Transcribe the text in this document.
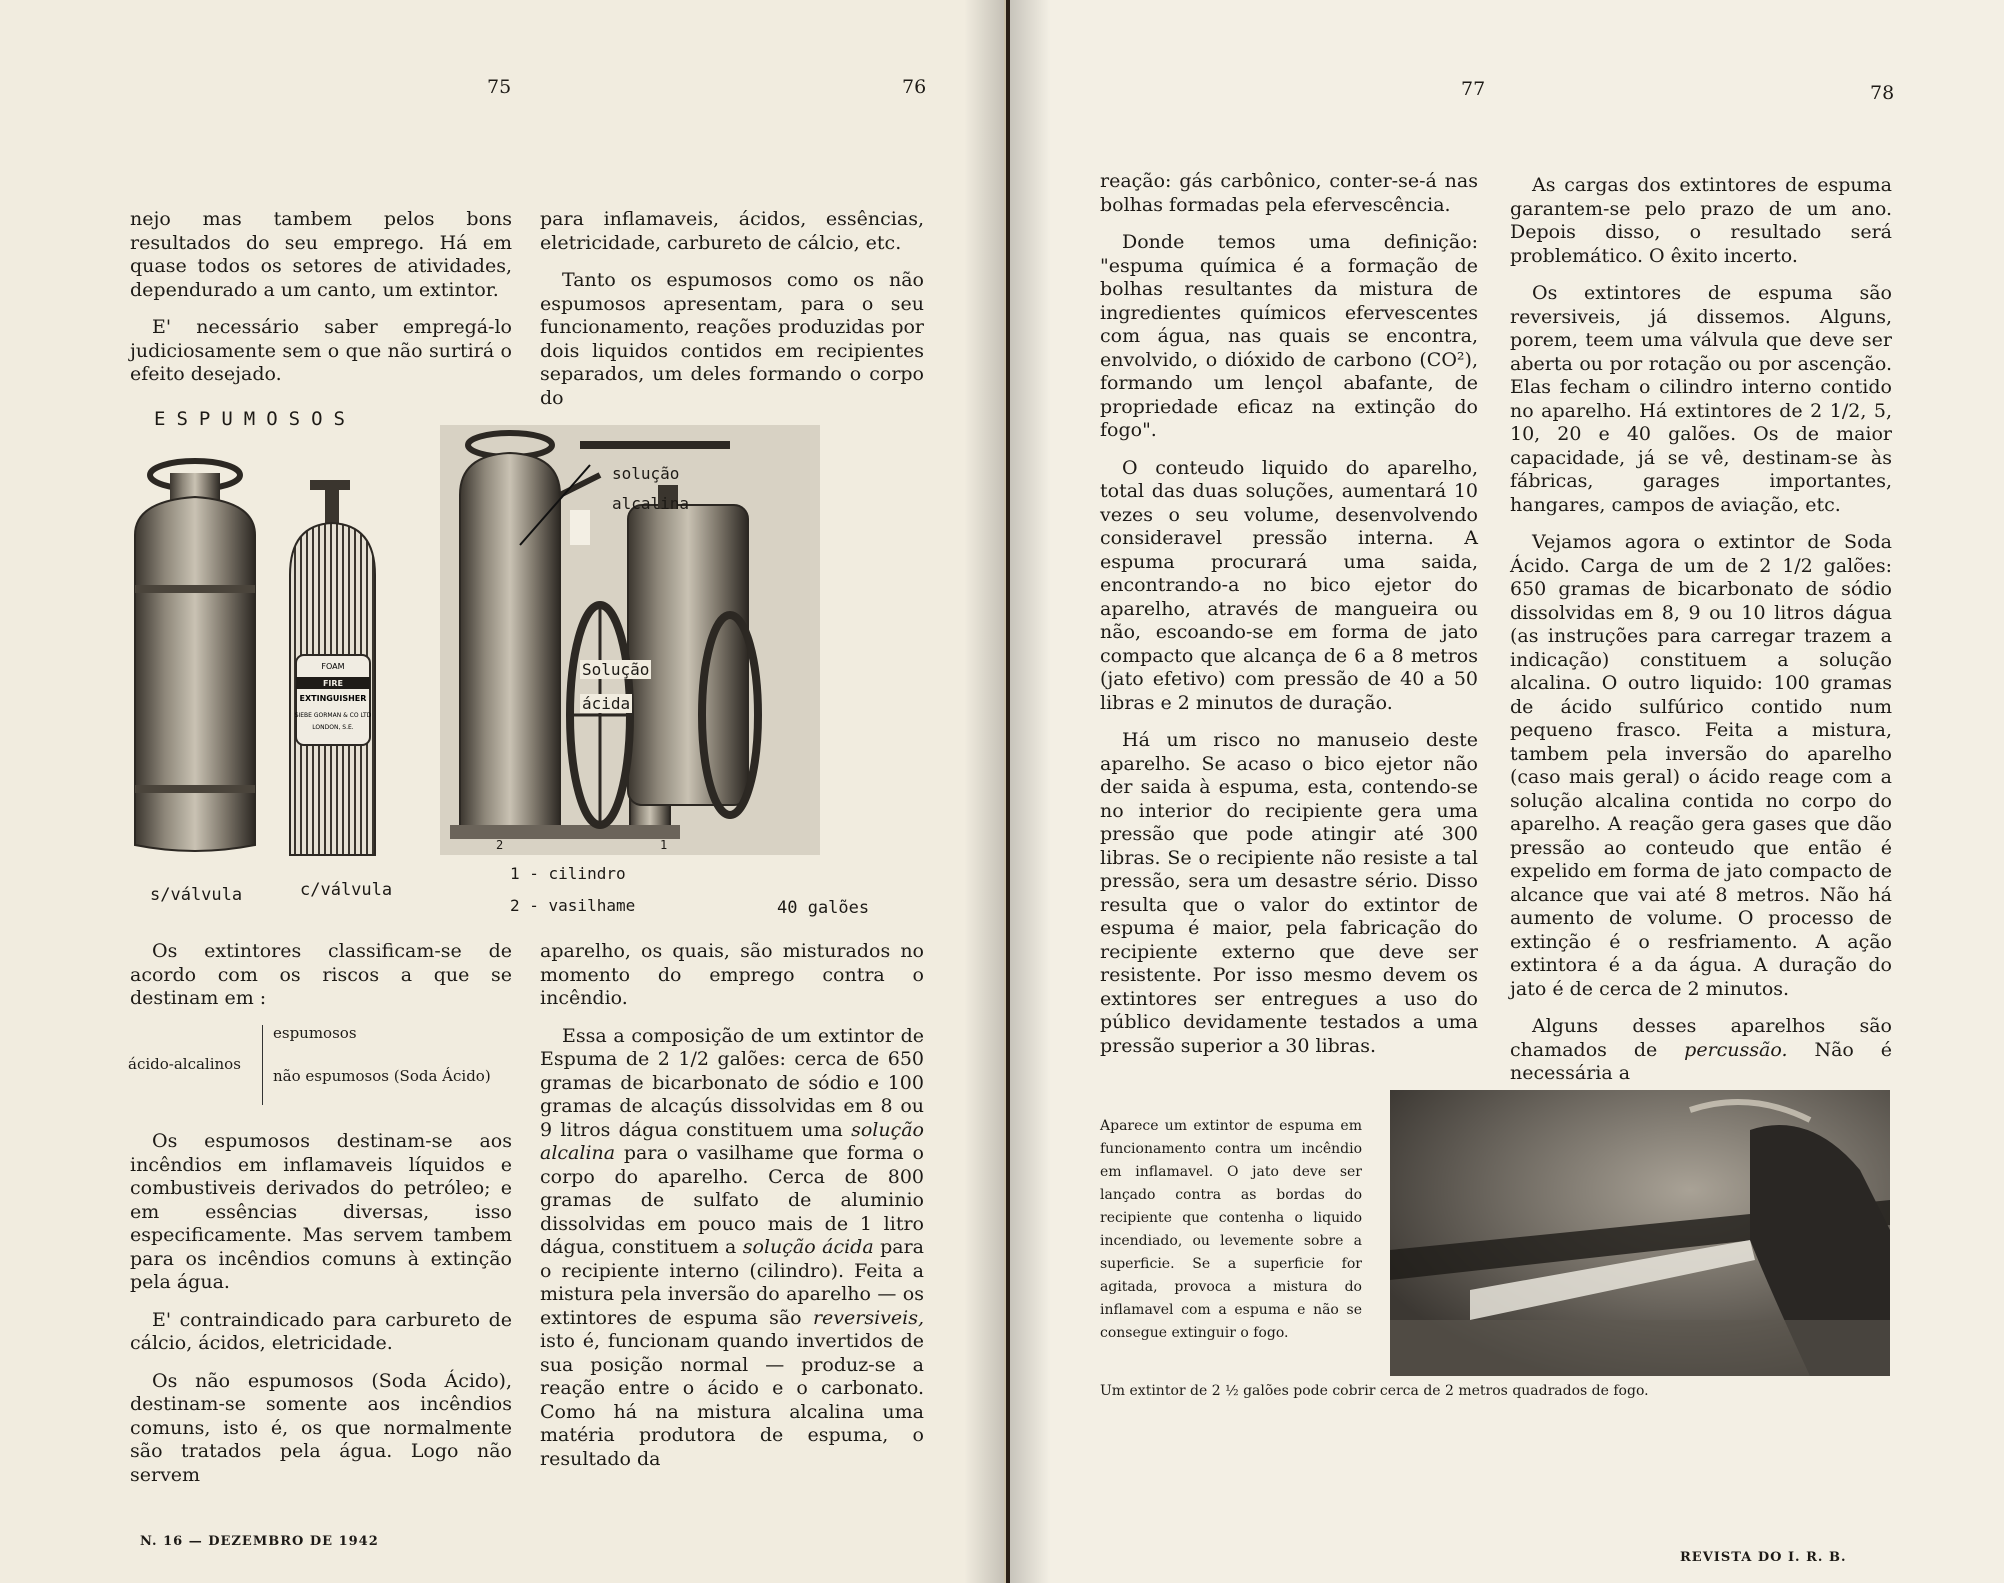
75	76

nejo mas tambem pelos bons resultados do seu emprego. Há em quase todos os setores de atividades, dependurado a um canto, um extintor.

E' necessário saber empregá-lo judiciosamente sem o que não surtirá o efeito desejado.

para inflamaveis, ácidos, essências, eletricidade, carbureto de cálcio, etc.

Tanto os espumosos como os não espumosos apresentam, para o seu funcionamento, reações produzidas por dois liquidos contidos em recipientes separados, um deles formando o corpo do

ESPUMOSOS
FOAM
FIRE
EXTINGUISHER
SIEBE GORMAN & CO LTD
LONDON, S.E.
solução
alcalina
Solução
ácida
2	1
s/válvula	c/válvula
1 - cilindro
2 - vasilhame	40 galões

Os extintores classificam-se de acordo com os riscos a que se destinam em :

ácido-alcalinos
espumosos
não espumosos (Soda Ácido)

Os espumosos destinam-se aos incêndios em inflamaveis líquidos e combustiveis derivados do petróleo; e em essências diversas, isso especificamente. Mas servem tambem para os incêndios comuns à extinção pela água.

E' contraindicado para carbureto de cálcio, ácidos, eletricidade.

Os não espumosos (Soda Ácido), destinam-se somente aos incêndios comuns, isto é, os que normalmente são tratados pela água. Logo não servem

aparelho, os quais, são misturados no momento do emprego contra o incêndio.

Essa a composição de um extintor de Espuma de 2 1/2 galões: cerca de 650 gramas de bicarbonato de sódio e 100 gramas de alcaçús dissolvidas em 8 ou 9 litros dágua constituem uma solução alcalina para o vasilhame que forma o corpo do aparelho. Cerca de 800 gramas de sulfato de aluminio dissolvidas em pouco mais de 1 litro dágua, constituem a solução ácida para o recipiente interno (cilindro). Feita a mistura pela inversão do aparelho — os extintores de espuma são reversiveis, isto é, funcionam quando invertidos de sua posição normal — produz-se a reação entre o ácido e o carbonato. Como há na mistura alcalina uma matéria produtora de espuma, o resultado da

N. 16 — DEZEMBRO DE 1942
77	78

reação: gás carbônico, conter-se-á nas bolhas formadas pela efervescência.

Donde temos uma definição: "espuma química é a formação de bolhas resultantes da mistura de ingredientes químicos efervescentes com água, nas quais se encontra, envolvido, o dióxido de carbono (CO²), formando um lençol abafante, de propriedade eficaz na extinção do fogo".

O conteudo liquido do aparelho, total das duas soluções, aumentará 10 vezes o seu volume, desenvolvendo consideravel pressão interna. A espuma procurará uma saida, encontrando-a no bico ejetor do aparelho, através de mangueira ou não, escoando-se em forma de jato compacto que alcança de 6 a 8 metros (jato efetivo) com pressão de 40 a 50 libras e 2 minutos de duração.

Há um risco no manuseio deste aparelho. Se acaso o bico ejetor não der saida à espuma, esta, contendo-se no interior do recipiente gera uma pressão que pode atingir até 300 libras. Se o recipiente não resiste a tal pressão, sera um desastre sério. Disso resulta que o valor do extintor de espuma é maior, pela fabricação do recipiente externo que deve ser resistente. Por isso mesmo devem os extintores ser entregues a uso do público devidamente testados a uma pressão superior a 30 libras.

As cargas dos extintores de espuma garantem-se pelo prazo de um ano. Depois disso, o resultado será problemático. O êxito incerto.

Os extintores de espuma são reversiveis, já dissemos. Alguns, porem, teem uma válvula que deve ser aberta ou por rotação ou por ascenção. Elas fecham o cilindro interno contido no aparelho. Há extintores de 2 1/2, 5, 10, 20 e 40 galões. Os de maior capacidade, já se vê, destinam-se às fábricas, garages importantes, hangares, campos de aviação, etc.

Vejamos agora o extintor de Soda Ácido. Carga de um de 2 1/2 galões: 650 gramas de bicarbonato de sódio dissolvidas em 8, 9 ou 10 litros dágua (as instruções para carregar trazem a indicação) constituem a solução alcalina. O outro liquido: 100 gramas de ácido sulfúrico contido num pequeno frasco. Feita a mistura, tambem pela inversão do aparelho (caso mais geral) o ácido reage com a solução alcalina contida no corpo do aparelho. A reação gera gases que dão pressão ao conteudo que então é expelido em forma de jato compacto de alcance que vai até 8 metros. Não há aumento de volume. O processo de extinção é o resfriamento. A ação extintora é a da água. A duração do jato é de cerca de 2 minutos.

Alguns desses aparelhos são chamados de percussão. Não é necessária a

Aparece um extintor de espuma em funcionamento contra um incêndio em inflamavel. O jato deve ser lançado contra as bordas do recipiente que contenha o liquido incendiado, ou levemente sobre a superficie. Se a superficie for agitada, provoca a mistura do inflamavel com a espuma e não se consegue extinguir o fogo.
Um extintor de 2 ½ galões pode cobrir cerca de 2 metros quadrados de fogo.
REVISTA DO I. R. B.
